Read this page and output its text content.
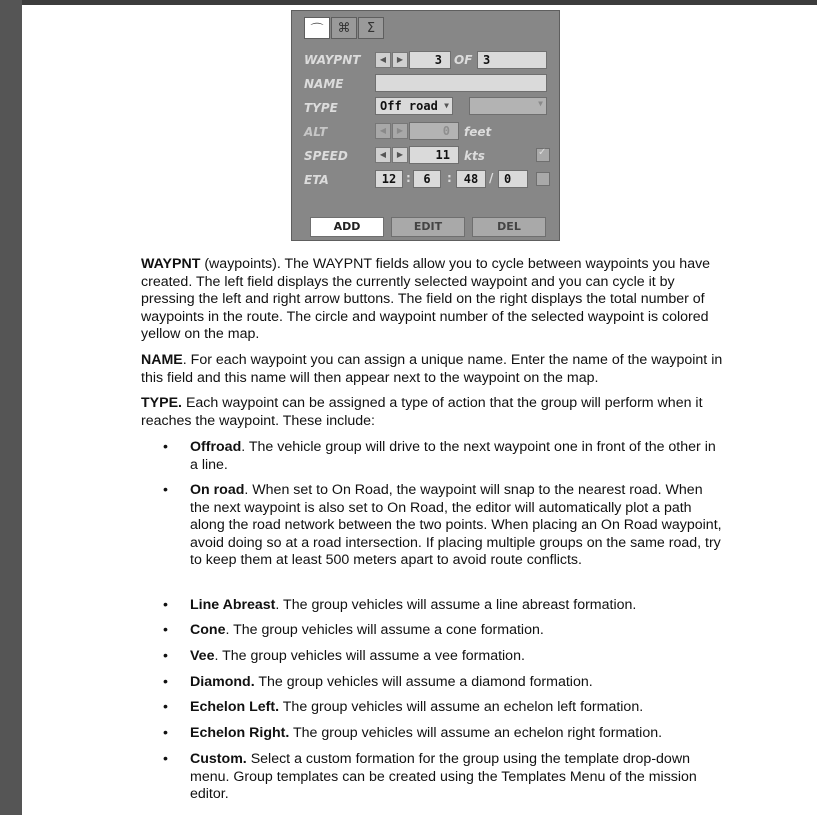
⌒	⌘	Σ
WAYPNT	◀	▶	3	OF 3
NAME
TYPE	Off road ▼	▼
ALT	◀	▶	0	feet
SPEED	◀	▶	11	kts	✓
ETA	12 :	6	: 48 / 0
ADD	EDIT	DEL

WAYPNT (waypoints). The WAYPNT fields allow you to cycle between waypoints you have created. The left field displays the currently selected waypoint and you can cycle it by pressing the left and right arrow buttons. The field on the right displays the total number of waypoints in the route. The circle and waypoint number of the selected waypoint is colored yellow on the map.

NAME. For each waypoint you can assign a unique name. Enter the name of the waypoint in this field and this name will then appear next to the waypoint on the map.

TYPE. Each waypoint can be assigned a type of action that the group will perform when it reaches the waypoint. These include:

• Offroad. The vehicle group will drive to the next waypoint one in front of the other in a line.
• On road. When set to On Road, the waypoint will snap to the nearest road. When the next waypoint is also set to On Road, the editor will automatically plot a path along the road network between the two points. When placing an On Road waypoint, avoid doing so at a road intersection. If placing multiple groups on the same road, try to keep them at least 500 meters apart to avoid route conflicts.
• Line Abreast. The group vehicles will assume a line abreast formation.
• Cone. The group vehicles will assume a cone formation.
• Vee. The group vehicles will assume a vee formation.
• Diamond. The group vehicles will assume a diamond formation.
• Echelon Left. The group vehicles will assume an echelon left formation.
• Echelon Right. The group vehicles will assume an echelon right formation.
• Custom. Select a custom formation for the group using the template drop-down menu. Group templates can be created using the Templates Menu of the mission editor.
